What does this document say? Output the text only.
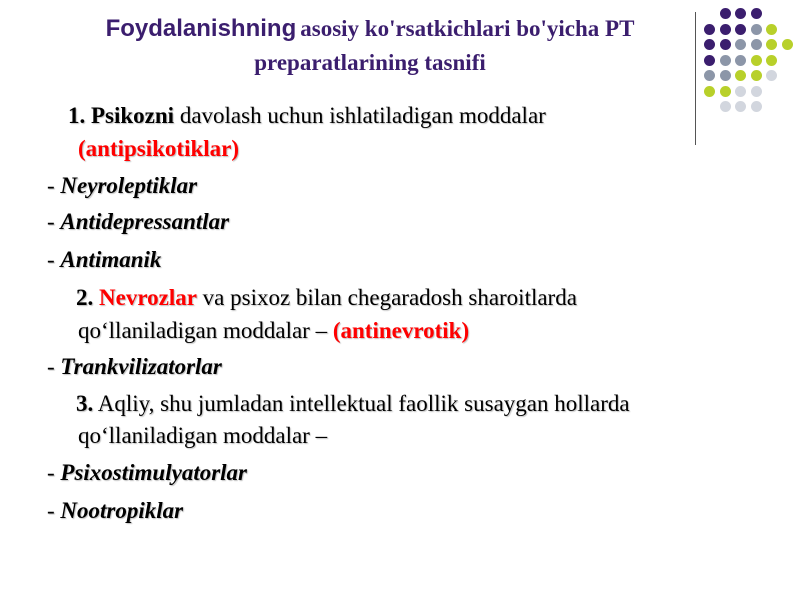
Foydalanishning asosiy ko'rsatkichlari bo'yicha PT
preparatlarining tasnifi
1. Psikozni davolash uchun ishlatiladigan moddalar
(antipsikotiklar)
- Neyroleptiklar
- Antidepressantlar
- Antimanik
2. Nevrozlar va psixoz bilan chegaradosh sharoitlarda
qo‘llaniladigan moddalar – (antinevrotik)
- Trankvilizatorlar
3. Aqliy, shu jumladan intellektual faollik susaygan hollarda
qo‘llaniladigan moddalar –
- Psixostimulyatorlar
- Nootropiklar
